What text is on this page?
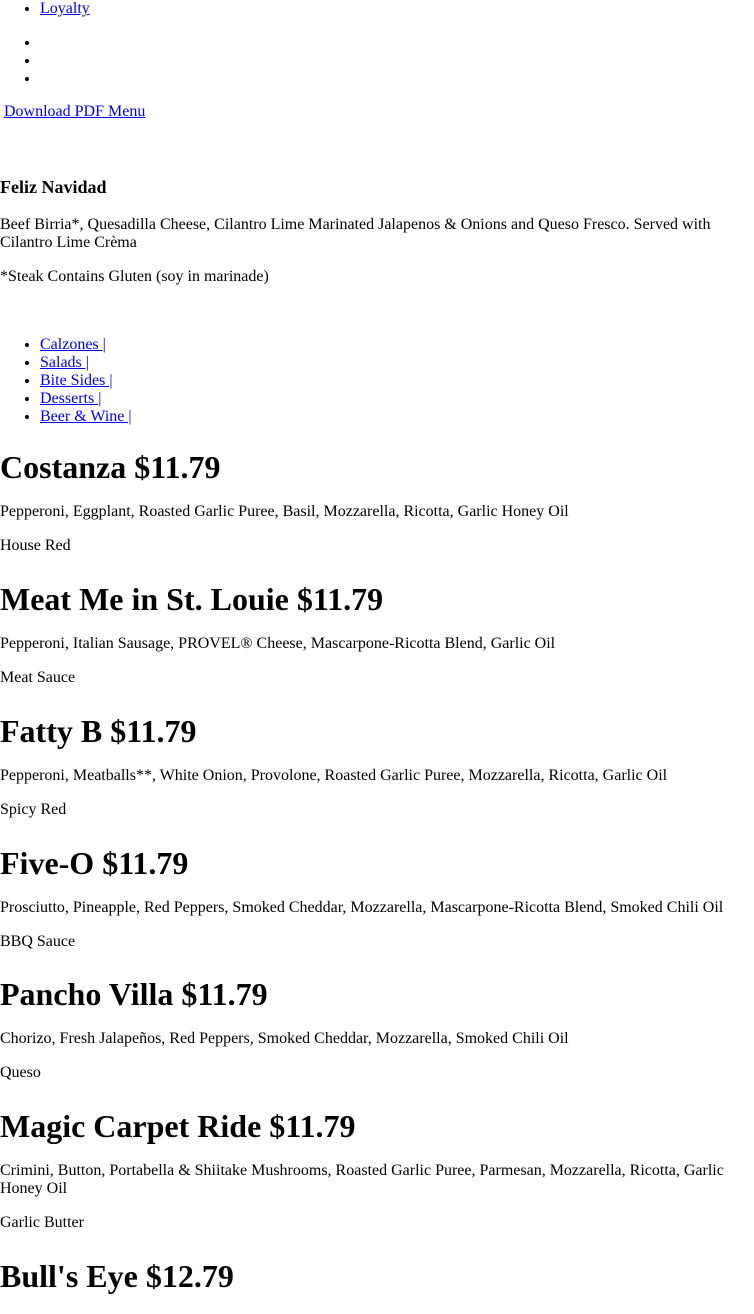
• Loyalty
Download PDF Menu
Feliz Navidad

Beef Birria*, Quesadilla Cheese, Cilantro Lime Marinated Jalapenos & Onions and Queso Fresco. Served with Cilantro Lime Crèma

*Steak Contains Gluten (soy in marinade)

• Calzones |
• Salads |
• Bite Sides |
• Desserts |
• Beer & Wine |
Costanza $11.79

Pepperoni, Eggplant, Roasted Garlic Puree, Basil, Mozzarella, Ricotta, Garlic Honey Oil

House Red

Meat Me in St. Louie $11.79

Pepperoni, Italian Sausage, PROVEL® Cheese, Mascarpone-Ricotta Blend, Garlic Oil

Meat Sauce

Fatty B $11.79

Pepperoni, Meatballs**, White Onion, Provolone, Roasted Garlic Puree, Mozzarella, Ricotta, Garlic Oil

Spicy Red

Five-O $11.79

Prosciutto, Pineapple, Red Peppers, Smoked Cheddar, Mozzarella, Mascarpone-Ricotta Blend, Smoked Chili Oil

BBQ Sauce

Pancho Villa $11.79

Chorizo, Fresh Jalapeños, Red Peppers, Smoked Cheddar, Mozzarella, Smoked Chili Oil

Queso

Magic Carpet Ride $11.79

Crimini, Button, Portabella & Shiitake Mushrooms, Roasted Garlic Puree, Parmesan, Mozzarella, Ricotta, Garlic Honey Oil

Garlic Butter

Bull's Eye $12.79
